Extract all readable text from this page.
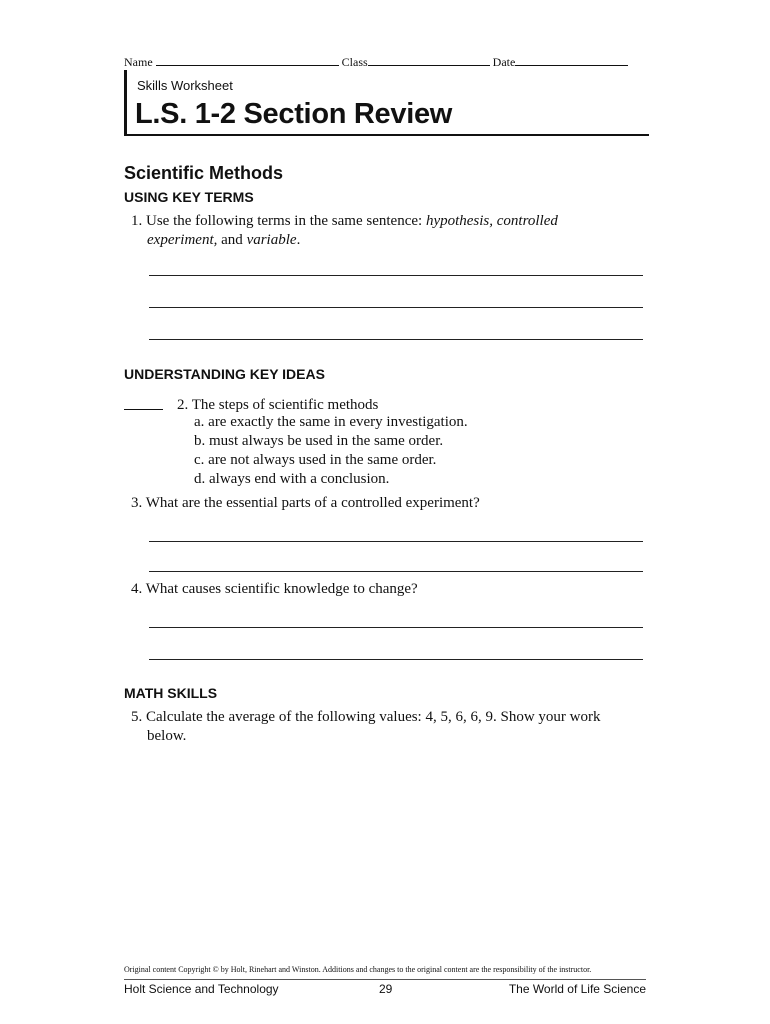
Name	Class	Date
Skills Worksheet
L.S. 1-2 Section Review
Scientific Methods
USING KEY TERMS
1. Use the following terms in the same sentence: hypothesis, controlled
experiment, and variable.
UNDERSTANDING KEY IDEAS
2. The steps of scientific methods
a. are exactly the same in every investigation.
b. must always be used in the same order.
c. are not always used in the same order.
d. always end with a conclusion.
3. What are the essential parts of a controlled experiment?
4. What causes scientific knowledge to change?
MATH SKILLS
5. Calculate the average of the following values: 4, 5, 6, 6, 9. Show your work
below.
Original content Copyright © by Holt, Rinehart and Winston. Additions and changes to the original content are the responsibility of the instructor.
Holt Science and Technology	29	The World of Life Science
